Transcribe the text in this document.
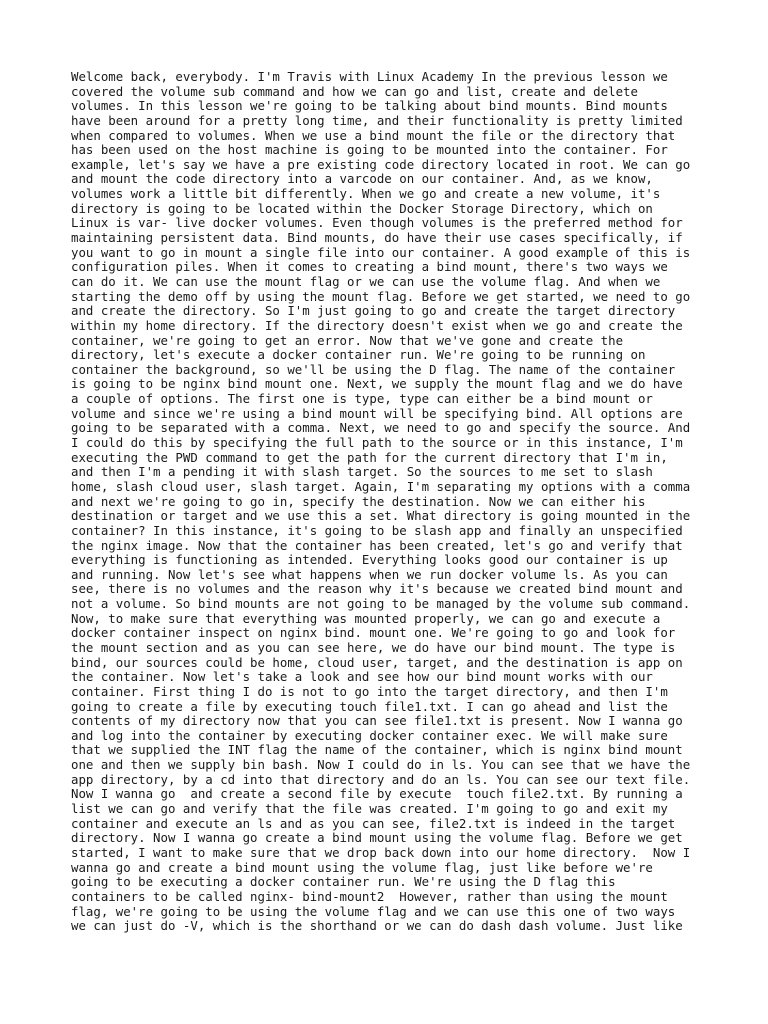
Welcome back, everybody. I'm Travis with Linux Academy In the previous lesson we
covered the volume sub command and how we can go and list, create and delete
volumes. In this lesson we're going to be talking about bind mounts. Bind mounts
have been around for a pretty long time, and their functionality is pretty limited
when compared to volumes. When we use a bind mount the file or the directory that
has been used on the host machine is going to be mounted into the container. For
example, let's say we have a pre existing code directory located in root. We can go
and mount the code directory into a varcode on our container. And, as we know,
volumes work a little bit differently. When we go and create a new volume, it's
directory is going to be located within the Docker Storage Directory, which on
Linux is var- live docker volumes. Even though volumes is the preferred method for
maintaining persistent data. Bind mounts, do have their use cases specifically, if
you want to go in mount a single file into our container. A good example of this is
configuration piles. When it comes to creating a bind mount, there's two ways we
can do it. We can use the mount flag or we can use the volume flag. And when we
starting the demo off by using the mount flag. Before we get started, we need to go
and create the directory. So I'm just going to go and create the target directory
within my home directory. If the directory doesn't exist when we go and create the
container, we're going to get an error. Now that we've gone and create the
directory, let's execute a docker container run. We're going to be running on
container the background, so we'll be using the D flag. The name of the container
is going to be nginx bind mount one. Next, we supply the mount flag and we do have
a couple of options. The first one is type, type can either be a bind mount or
volume and since we're using a bind mount will be specifying bind. All options are
going to be separated with a comma. Next, we need to go and specify the source. And
I could do this by specifying the full path to the source or in this instance, I'm
executing the PWD command to get the path for the current directory that I'm in,
and then I'm a pending it with slash target. So the sources to me set to slash
home, slash cloud user, slash target. Again, I'm separating my options with a comma
and next we're going to go in, specify the destination. Now we can either his
destination or target and we use this a set. What directory is going mounted in the
container? In this instance, it's going to be slash app and finally an unspecified
the nginx image. Now that the container has been created, let's go and verify that
everything is functioning as intended. Everything looks good our container is up
and running. Now let's see what happens when we run docker volume ls. As you can
see, there is no volumes and the reason why it's because we created bind mount and
not a volume. So bind mounts are not going to be managed by the volume sub command.
Now, to make sure that everything was mounted properly, we can go and execute a
docker container inspect on nginx bind. mount one. We're going to go and look for
the mount section and as you can see here, we do have our bind mount. The type is
bind, our sources could be home, cloud user, target, and the destination is app on
the container. Now let's take a look and see how our bind mount works with our
container. First thing I do is not to go into the target directory, and then I'm
going to create a file by executing touch file1.txt. I can go ahead and list the
contents of my directory now that you can see file1.txt is present. Now I wanna go
and log into the container by executing docker container exec. We will make sure
that we supplied the INT flag the name of the container, which is nginx bind mount
one and then we supply bin bash. Now I could do in ls. You can see that we have the
app directory, by a cd into that directory and do an ls. You can see our text file.
Now I wanna go  and create a second file by execute  touch file2.txt. By running a
list we can go and verify that the file was created. I'm going to go and exit my
container and execute an ls and as you can see, file2.txt is indeed in the target
directory. Now I wanna go create a bind mount using the volume flag. Before we get
started, I want to make sure that we drop back down into our home directory.  Now I
wanna go and create a bind mount using the volume flag, just like before we're
going to be executing a docker container run. We're using the D flag this
containers to be called nginx- bind-mount2  However, rather than using the mount
flag, we're going to be using the volume flag and we can use this one of two ways
we can just do -V, which is the shorthand or we can do dash dash volume. Just like
